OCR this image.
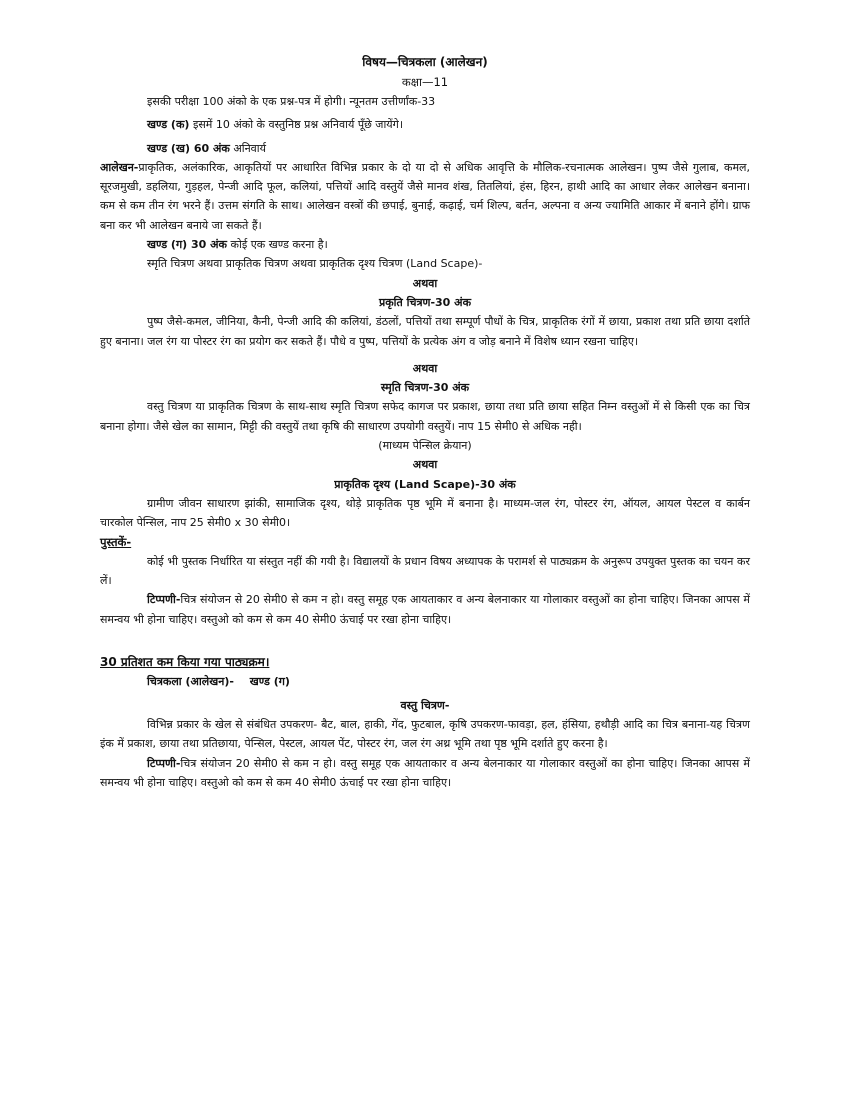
विषय—चित्रकला (आलेखन)
कक्षा—11
इसकी परीक्षा 100 अंको के एक प्रश्न-पत्र में होगी। न्यूनतम उत्तीर्णांक-33
खण्ड (क) इसमें 10 अंको के वस्तुनिष्ठ प्रश्न अनिवार्य पूँछे जायेंगे।
खण्ड (ख) 60 अंक अनिवार्य

आलेखन-प्राकृतिक, अलंकारिक, आकृतियों पर आधारित विभिन्न प्रकार के दो या दो से अधिक आवृत्ति के मौलिक-रचनात्मक आलेखन। पुष्प जैसे गुलाब, कमल, सूरजमुखी, डहलिया, गुड़हल, पेन्जी आदि फूल, कलियां, पत्तियों आदि वस्तुयें जैसे मानव शंख, तितलियां, हंस, हिरन, हाथी आदि का आधार लेकर आलेखन बनाना। कम से कम तीन रंग भरने हैं। उत्तम संगति के साथ। आलेखन वस्त्रों की छपाई, बुनाई, कढ़ाई, चर्म शिल्प, बर्तन, अल्पना व अन्य ज्यामिति आकार में बनाने होंगे। ग्राफ बना कर भी आलेखन बनाये जा सकते हैं।

खण्ड (ग) 30 अंक कोई एक खण्ड करना है।
स्मृति चित्रण अथवा प्राकृतिक चित्रण अथवा प्राकृतिक दृश्य चित्रण (Land Scape)-
अथवा
प्रकृति चित्रण-30 अंक

पुष्प जैसे-कमल, जीनिया, कैनी, पेन्जी आदि की कलियां, डंठलों, पत्तियों तथा सम्पूर्ण पौधों के चित्र, प्राकृतिक रंगों में छाया, प्रकाश तथा प्रति छाया दर्शाते हुए बनाना। जल रंग या पोस्टर रंग का प्रयोग कर सकते हैं। पौधे व पुष्प, पत्तियों के प्रत्येक अंग व जोड़ बनाने में विशेष ध्यान रखना चाहिए।

अथवा
स्मृति चित्रण-30 अंक

वस्तु चित्रण या प्राकृतिक चित्रण के साथ-साथ स्मृति चित्रण सफेद कागज पर प्रकाश, छाया तथा प्रति छाया सहित निम्न वस्तुओं में से किसी एक का चित्र बनाना होगा। जैसे खेल का सामान, मिट्टी की वस्तुयें तथा कृषि की साधारण उपयोगी वस्तुयें। नाप 15 सेमी0 से अधिक नही।

(माध्यम पेन्सिल क्रेयान)
अथवा
प्राकृतिक दृश्य (Land Scape)-30 अंक

ग्रामीण जीवन साधारण झांकी, सामाजिक दृश्य, थोड़े प्राकृतिक पृष्ठ भूमि में बनाना है। माध्यम-जल रंग, पोस्टर रंग, ऑयल, आयल पेस्टल व कार्बन चारकोल पेन्सिल, नाप 25 सेमी0 x 30 सेमी0।

पुस्तकें-

कोई भी पुस्तक निर्धारित या संस्तुत नहीं की गयी है। विद्यालयों के प्रधान विषय अध्यापक के परामर्श से पाठ्यक्रम के अनुरूप उपयुक्त पुस्तक का चयन कर लें।

टिप्पणी-चित्र संयोजन से 20 सेमी0 से कम न हो। वस्तु समूह एक आयताकार व अन्य बेलनाकार या गोलाकार वस्तुओं का होना चाहिए। जिनका आपस में समन्वय भी होना चाहिए। वस्तुओ को कम से कम 40 सेमी0 ऊंचाई पर रखा होना चाहिए।

30 प्रतिशत कम किया गया पाठ्यक्रम।
चित्रकला (आलेखन)- खण्ड (ग)
वस्तु चित्रण-

विभिन्न प्रकार के खेल से संबंधित उपकरण- बैट, बाल, हाकी, गेंद, फुटबाल, कृषि उपकरण-फावड़ा, हल, हंसिया, हथौड़ी आदि का चित्र बनाना-यह चित्रण इंक में प्रकाश, छाया तथा प्रतिछाया, पेन्सिल, पेस्टल, आयल पेंट, पोस्टर रंग, जल रंग अथ्र भूमि तथा पृष्ठ भूमि दर्शाते हुए करना है।

टिप्पणी-चित्र संयोजन 20 सेमी0 से कम न हो। वस्तु समूह एक आयताकार व अन्य बेलनाकार या गोलाकार वस्तुओं का होना चाहिए। जिनका आपस में समन्वय भी होना चाहिए। वस्तुओ को कम से कम 40 सेमी0 ऊंचाई पर रखा होना चाहिए।
